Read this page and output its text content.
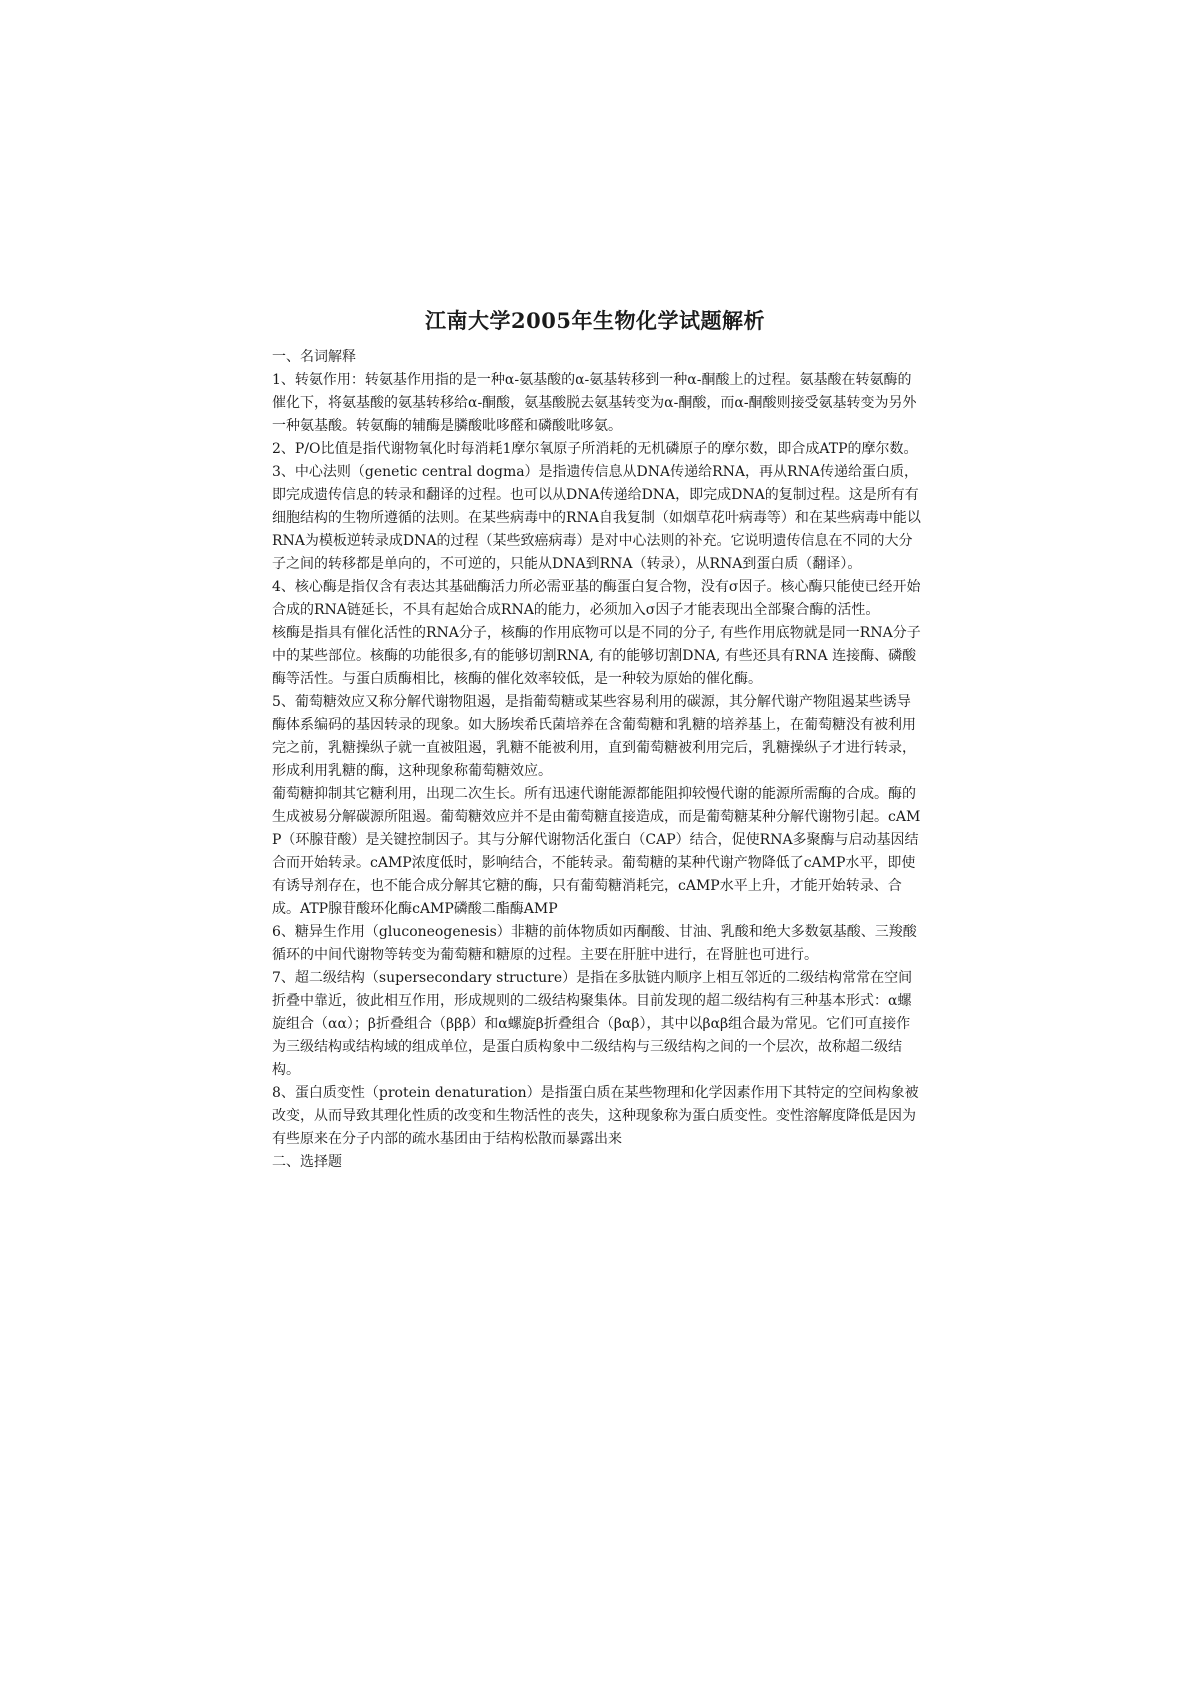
江南大学2005年生物化学试题解析

一、名词解释

1、转氨作用：转氨基作用指的是一种α-氨基酸的α-氨基转移到一种α-酮酸上的过程。氨基酸在转氨酶的催化下，将氨基酸的氨基转移给α-酮酸，氨基酸脱去氨基转变为α-酮酸，而α-酮酸则接受氨基转变为另外一种氨基酸。转氨酶的辅酶是膦酸吡哆醛和磷酸吡哆氨。

2、P/O比值是指代谢物氧化时每消耗1摩尔氧原子所消耗的无机磷原子的摩尔数，即合成ATP的摩尔数。

3、中心法则（genetic central dogma）是指遗传信息从DNA传递给RNA，再从RNA传递给蛋白质，即完成遗传信息的转录和翻译的过程。也可以从DNA传递给DNA，即完成DNA的复制过程。这是所有有细胞结构的生物所遵循的法则。在某些病毒中的RNA自我复制（如烟草花叶病毒等）和在某些病毒中能以RNA为模板逆转录成DNA的过程（某些致癌病毒）是对中心法则的补充。它说明遗传信息在不同的大分子之间的转移都是单向的，不可逆的，只能从DNA到RNA（转录），从RNA到蛋白质（翻译）。

4、核心酶是指仅含有表达其基础酶活力所必需亚基的酶蛋白复合物，没有σ因子。核心酶只能使已经开始合成的RNA链延长，不具有起始合成RNA的能力，必须加入σ因子才能表现出全部聚合酶的活性。

核酶是指具有催化活性的RNA分子，核酶的作用底物可以是不同的分子, 有些作用底物就是同一RNA分子中的某些部位。核酶的功能很多,有的能够切割RNA, 有的能够切割DNA, 有些还具有RNA 连接酶、磷酸酶等活性。与蛋白质酶相比，核酶的催化效率较低，是一种较为原始的催化酶。

5、葡萄糖效应又称分解代谢物阻遏，是指葡萄糖或某些容易利用的碳源，其分解代谢产物阻遏某些诱导酶体系编码的基因转录的现象。如大肠埃希氏菌培养在含葡萄糖和乳糖的培养基上，在葡萄糖没有被利用完之前，乳糖操纵子就一直被阻遏，乳糖不能被利用，直到葡萄糖被利用完后，乳糖操纵子才进行转录，形成利用乳糖的酶，这种现象称葡萄糖效应。

葡萄糖抑制其它糖利用，出现二次生长。所有迅速代谢能源都能阻抑较慢代谢的能源所需酶的合成。酶的生成被易分解碳源所阻遏。葡萄糖效应并不是由葡萄糖直接造成，而是葡萄糖某种分解代谢物引起。cAMP（环腺苷酸）是关键控制因子。其与分解代谢物活化蛋白（CAP）结合，促使RNA多聚酶与启动基因结合而开始转录。cAMP浓度低时，影响结合，不能转录。葡萄糖的某种代谢产物降低了cAMP水平，即使有诱导剂存在，也不能合成分解其它糖的酶，只有葡萄糖消耗完，cAMP水平上升，才能开始转录、合成。ATP腺苷酸环化酶cAMP磷酸二酯酶AMP

6、糖异生作用（gluconeogenesis）非糖的前体物质如丙酮酸、甘油、乳酸和绝大多数氨基酸、三羧酸循环的中间代谢物等转变为葡萄糖和糖原的过程。主要在肝脏中进行，在肾脏也可进行。

7、超二级结构（supersecondary structure）是指在多肽链内顺序上相互邻近的二级结构常常在空间折叠中靠近，彼此相互作用，形成规则的二级结构聚集体。目前发现的超二级结构有三种基本形式：α螺旋组合（αα）；β折叠组合（βββ）和α螺旋β折叠组合（βαβ），其中以βαβ组合最为常见。它们可直接作为三级结构或结构域的组成单位，是蛋白质构象中二级结构与三级结构之间的一个层次，故称超二级结构。

8、蛋白质变性（protein denaturation）是指蛋白质在某些物理和化学因素作用下其特定的空间构象被改变，从而导致其理化性质的改变和生物活性的丧失，这种现象称为蛋白质变性。变性溶解度降低是因为有些原来在分子内部的疏水基团由于结构松散而暴露出来

二、选择题
